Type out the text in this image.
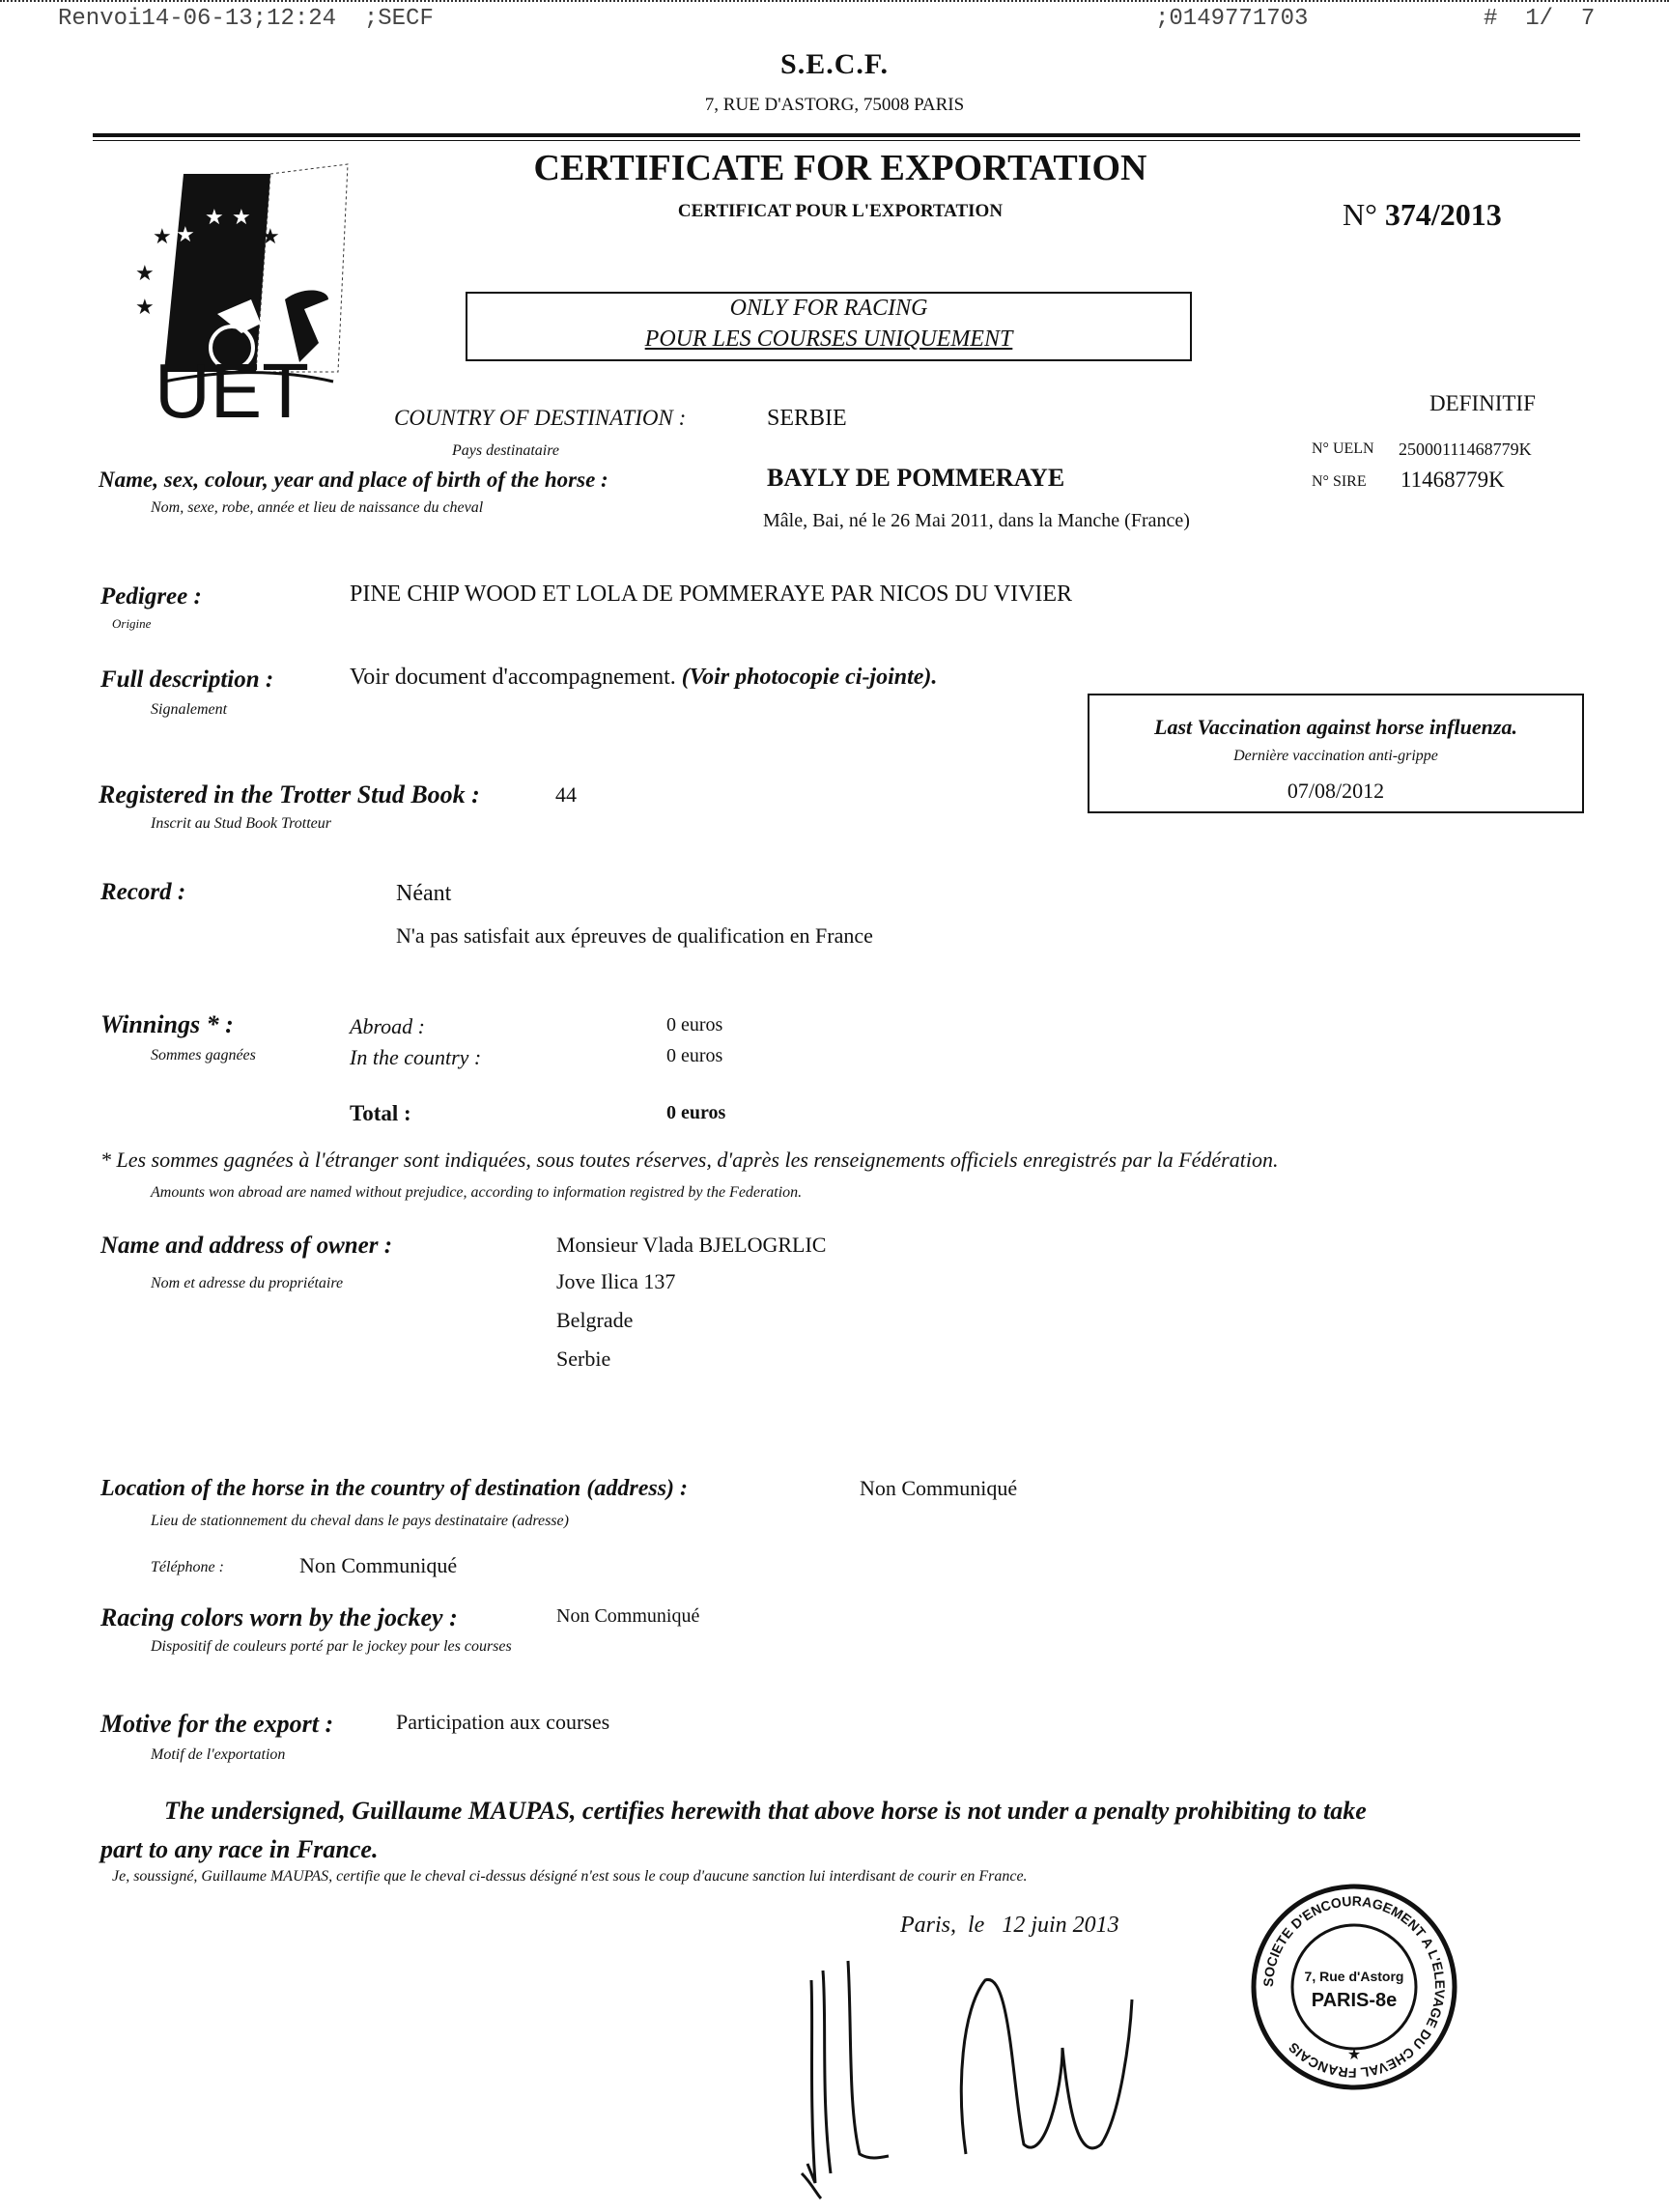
Renvoi14-06-13;12:24  ;SECF	;0149771703	#  1/  7
S.E.C.F.
7, RUE D'ASTORG, 75008 PARIS
★
★ ★
★	★
★
★
UET
CERTIFICATE FOR EXPORTATION
CERTIFICAT POUR L'EXPORTATION	N° 374/2013
ONLY FOR RACING
POUR LES COURSES UNIQUEMENT
DEFINITIF
COUNTRY OF DESTINATION :
Pays destinataire
SERBIE
Name, sex, colour, year and place of birth of the horse :
Nom, sexe, robe, année et lieu de naissance du cheval
BAYLY DE POMMERAYE
Mâle, Bai, né le 26 Mai 2011, dans la Manche (France)
N° UELN 25000111468779K
N° SIRE 11468779K
Pedigree :
Origine
PINE CHIP WOOD ET LOLA DE POMMERAYE PAR NICOS DU VIVIER
Full description :
Signalement
Voir document d'accompagnement. (Voir photocopie ci-jointe).
Last Vaccination against horse influenza.
Dernière vaccination anti-grippe
07/08/2012
Registered in the Trotter Stud Book :	44
Inscrit au Stud Book Trotteur
Record :	Néant
N'a pas satisfait aux épreuves de qualification en France
Winnings * :
Sommes gagnées
Abroad :	0 euros
In the country :	0 euros
Total :	0 euros
* Les sommes gagnées à l'étranger sont indiquées, sous toutes réserves, d'après les renseignements officiels enregistrés par la Fédération.
Amounts won abroad are named without prejudice, according to information registred by the Federation.
Name and address of owner :
Nom et adresse du propriétaire
Monsieur Vlada BJELOGRLIC
Jove Ilica 137
Belgrade
Serbie
Location of the horse in the country of destination (address) :	Non Communiqué
Lieu de stationnement du cheval dans le pays destinataire (adresse)
Téléphone :	Non Communiqué
Racing colors worn by the jockey :	Non Communiqué
Dispositif de couleurs porté par le jockey pour les courses
Motive for the export :	Participation aux courses
Motif de l'exportation
The undersigned, Guillaume MAUPAS, certifies herewith that above horse is not under a penalty prohibiting to take
part to any race in France.
Je, soussigné, Guillaume MAUPAS, certifie que le cheval ci-dessus désigné n'est sous le coup d'aucune sanction lui interdisant de courir en France.
Paris,  le   12 juin 2013
SOCIETE D'ENCOURAGEMENT A L'ELEVAGE DU CHEVAL FRANCAIS	★
7, Rue d'Astorg
PARIS-8e
